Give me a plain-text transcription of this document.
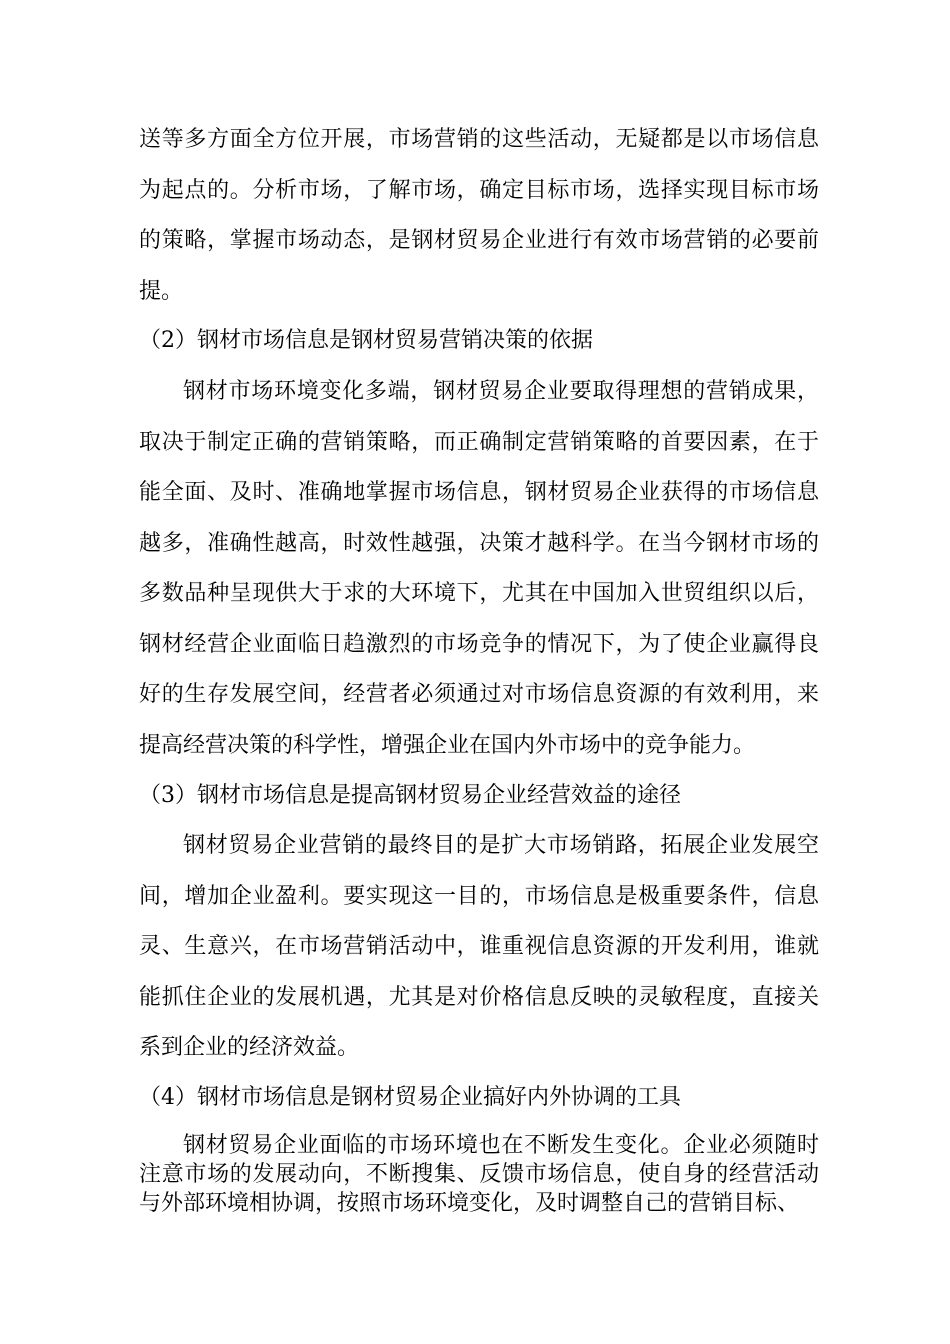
送等多方面全方位开展，市场营销的这些活动，无疑都是以市场信息为起点的。分析市场，了解市场，确定目标市场，选择实现目标市场的策略，掌握市场动态，是钢材贸易企业进行有效市场营销的必要前提。

（2）钢材市场信息是钢材贸易营销决策的依据

钢材市场环境变化多端，钢材贸易企业要取得理想的营销成果，取决于制定正确的营销策略，而正确制定营销策略的首要因素，在于能全面、及时、准确地掌握市场信息，钢材贸易企业获得的市场信息越多，准确性越高，时效性越强，决策才越科学。在当今钢材市场的多数品种呈现供大于求的大环境下，尤其在中国加入世贸组织以后，钢材经营企业面临日趋激烈的市场竞争的情况下，为了使企业赢得良好的生存发展空间，经营者必须通过对市场信息资源的有效利用，来提高经营决策的科学性，增强企业在国内外市场中的竞争能力。

（3）钢材市场信息是提高钢材贸易企业经营效益的途径

钢材贸易企业营销的最终目的是扩大市场销路，拓展企业发展空间，增加企业盈利。要实现这一目的，市场信息是极重要条件，信息灵、生意兴，在市场营销活动中，谁重视信息资源的开发利用，谁就能抓住企业的发展机遇，尤其是对价格信息反映的灵敏程度，直接关系到企业的经济效益。

（4）钢材市场信息是钢材贸易企业搞好内外协调的工具

钢材贸易企业面临的市场环境也在不断发生变化。企业必须随时注意市场的发展动向，不断搜集、反馈市场信息，使自身的经营活动与外部环境相协调，按照市场环境变化，及时调整自己的营销目标、
